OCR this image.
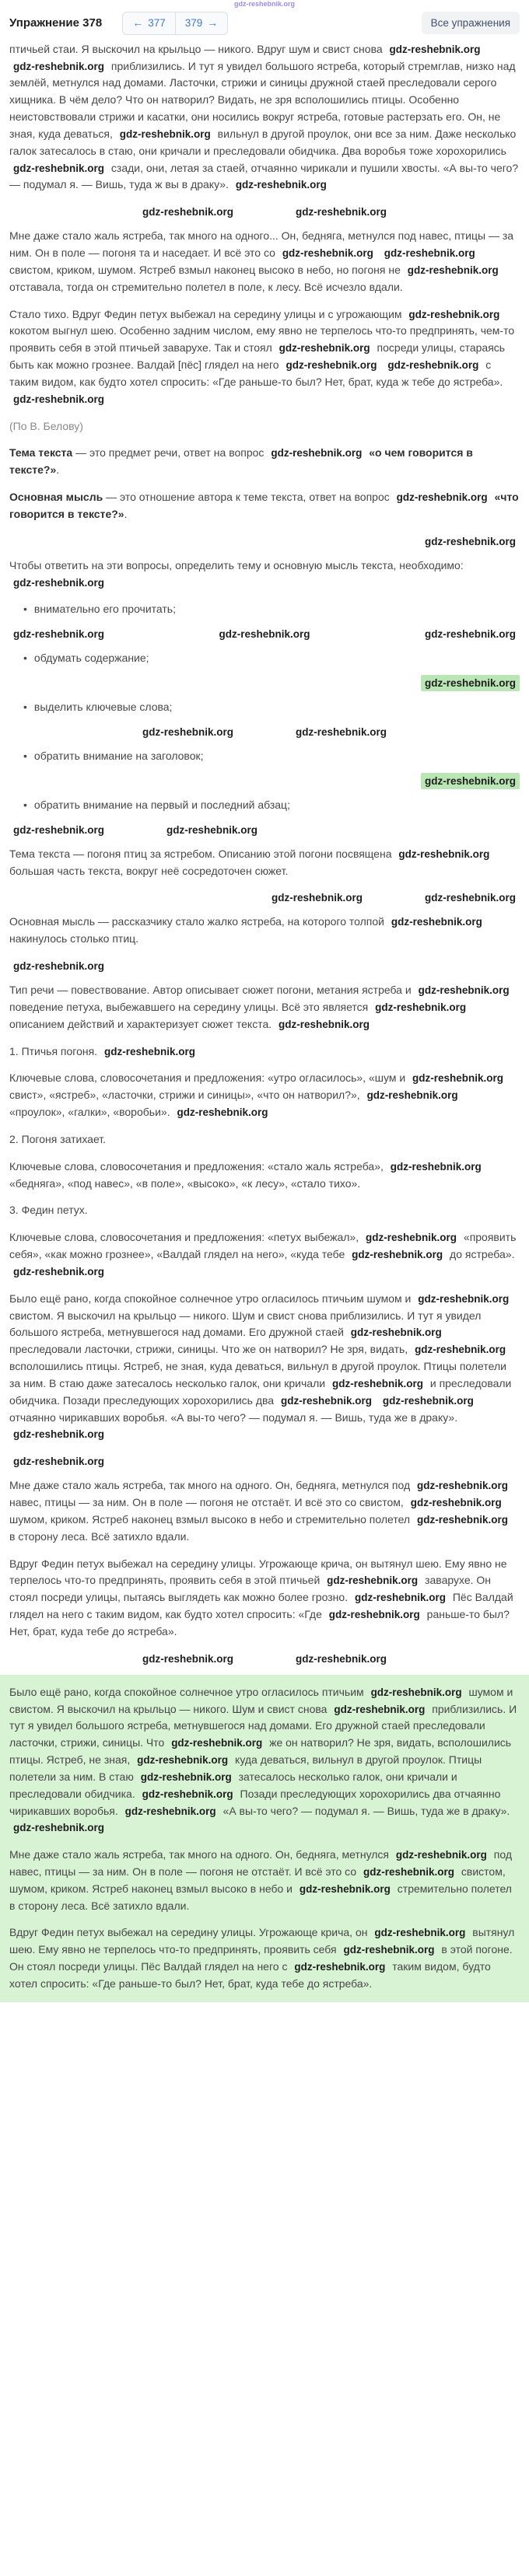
gdz-reshebnik.org
Упражнение 378	← 377 379 →	Все упражнения

птичьей стаи. Я выскочил на крыльцо — никого. Вдруг шум и свист снова gdz-reshebnik.org gdz-reshebnik.org приблизились. И тут я увидел большого ястреба, который стремглав, низко над землёй, метнулся над домами. Ласточки, стрижи и синицы дружной стаей преследовали серого хищника. В чём дело? Что он натворил? Видать, не зря всполошились птицы. Особенно неистовствовали стрижи и касатки, они носились вокруг ястреба, готовые растерзать его. Он, не зная, куда деваться, gdz-reshebnik.org вильнул в другой проулок, они все за ним. Даже несколько галок затесалось в стаю, они кричали и преследовали обидчика. Два воробья тоже хорохорились gdz-reshebnik.org сзади, они, летая за стаей, отчаянно чирикали и пушили хвосты. «А вы-то чего? — подумал я. — Вишь, туда ж вы в драку». gdz-reshebnik.org

gdz-reshebnik.org	gdz-reshebnik.org

Мне даже стало жаль ястреба, так много на одного... Он, бедняга, метнулся под навес, птицы — за ним. Он в поле — погоня та и наседает. И всё это со gdz-reshebnik.org gdz-reshebnik.org свистом, криком, шумом. Ястреб взмыл наконец высоко в небо, но погоня не gdz-reshebnik.org отставала, тогда он стремительно полетел в поле, к лесу. Всё исчезло вдали.

Стало тихо. Вдруг Федин петух выбежал на середину улицы и с угрожающим gdz-reshebnik.org кокотом выгнул шею. Особенно задним числом, ему явно не терпелось что-то предпринять, чем-то проявить себя в этой птичьей заварухе. Так и стоял gdz-reshebnik.org посреди улицы, стараясь быть как можно грознее. Валдай [пёс] глядел на него gdz-reshebnik.org gdz-reshebnik.org с таким видом, как будто хотел спросить: «Где раньше-то был? Нет, брат, куда ж тебе до ястреба». gdz-reshebnik.org

(По В. Белову)

Тема текста — это предмет речи, ответ на вопрос gdz-reshebnik.org «о чем говорится в тексте?».

Основная мысль — это отношение автора к теме текста, ответ на вопрос gdz-reshebnik.org «что говорится в тексте?».

gdz-reshebnik.org

Чтобы ответить на эти вопросы, определить тему и основную мысль текста, необходимо: gdz-reshebnik.org

• внимательно его прочитать;
gdz-reshebnik.org	gdz-reshebnik.org	gdz-reshebnik.org
• обдумать содержание;
gdz-reshebnik.org
• выделить ключевые слова;
gdz-reshebnik.org	gdz-reshebnik.org
• обратить внимание на заголовок;
gdz-reshebnik.org
• обратить внимание на первый и последний абзац;
gdz-reshebnik.org	gdz-reshebnik.org

Тема текста — погоня птиц за ястребом. Описанию этой погони посвящена gdz-reshebnik.org большая часть текста, вокруг неё сосредоточен сюжет.

gdz-reshebnik.org	gdz-reshebnik.org

Основная мысль — рассказчику стало жалко ястреба, на которого толпой gdz-reshebnik.org накинулось столько птиц.

gdz-reshebnik.org

Тип речи — повествование. Автор описывает сюжет погони, метания ястреба и gdz-reshebnik.org поведение петуха, выбежавшего на середину улицы. Всё это является gdz-reshebnik.org описанием действий и характеризует сюжет текста. gdz-reshebnik.org

1. Птичья погоня. gdz-reshebnik.org

Ключевые слова, словосочетания и предложения: «утро огласилось», «шум и gdz-reshebnik.org свист», «ястреб», «ласточки, стрижи и синицы», «что он натворил?», gdz-reshebnik.org «проулок», «галки», «воробьи». gdz-reshebnik.org

2. Погоня затихает.

Ключевые слова, словосочетания и предложения: «стало жаль ястреба», gdz-reshebnik.org «бедняга», «под навес», «в поле», «высоко», «к лесу», «стало тихо».

3. Федин петух.

Ключевые слова, словосочетания и предложения: «петух выбежал», gdz-reshebnik.org «проявить себя», «как можно грознее», «Валдай глядел на него», «куда тебе gdz-reshebnik.org до ястреба». gdz-reshebnik.org

Было ещё рано, когда спокойное солнечное утро огласилось птичьим шумом и gdz-reshebnik.org свистом. Я выскочил на крыльцо — никого. Шум и свист снова приблизились. И тут я увидел большого ястреба, метнувшегося над домами. Его дружной стаей gdz-reshebnik.org преследовали ласточки, стрижи, синицы. Что же он натворил? Не зря, видать, gdz-reshebnik.org всполошились птицы. Ястреб, не зная, куда деваться, вильнул в другой проулок. Птицы полетели за ним. В стаю даже затесалось несколько галок, они кричали gdz-reshebnik.org и преследовали обидчика. Позади преследующих хорохорились два gdz-reshebnik.org gdz-reshebnik.org отчаянно чирикавших воробья. «А вы-то чего? — подумал я. — Вишь, туда же в драку». gdz-reshebnik.org

gdz-reshebnik.org

Мне даже стало жаль ястреба, так много на одного. Он, бедняга, метнулся под gdz-reshebnik.org навес, птицы — за ним. Он в поле — погоня не отстаёт. И всё это со свистом, gdz-reshebnik.org шумом, криком. Ястреб наконец взмыл высоко в небо и стремительно полетел gdz-reshebnik.org в сторону леса. Всё затихло вдали.

Вдруг Федин петух выбежал на середину улицы. Угрожающе крича, он вытянул шею. Ему явно не терпелось что-то предпринять, проявить себя в этой птичьей gdz-reshebnik.org заварухе. Он стоял посреди улицы, пытаясь выглядеть как можно более грозно. gdz-reshebnik.org Пёс Валдай глядел на него с таким видом, как будто хотел спросить: «Где gdz-reshebnik.org раньше-то был? Нет, брат, куда тебе до ястреба».

gdz-reshebnik.org	gdz-reshebnik.org

Было ещё рано, когда спокойное солнечное утро огласилось птичьим gdz-reshebnik.org шумом и свистом. Я выскочил на крыльцо — никого. Шум и свист снова gdz-reshebnik.org приблизились. И тут я увидел большого ястреба, метнувшегося над домами. Его дружной стаей преследовали ласточки, стрижи, синицы. Что gdz-reshebnik.org же он натворил? Не зря, видать, всполошились птицы. Ястреб, не зная, gdz-reshebnik.org куда деваться, вильнул в другой проулок. Птицы полетели за ним. В стаю gdz-reshebnik.org затесалось несколько галок, они кричали и преследовали обидчика. gdz-reshebnik.org Позади преследующих хорохорились два отчаянно чирикавших воробья. gdz-reshebnik.org «А вы-то чего? — подумал я. — Вишь, туда же в драку». gdz-reshebnik.org

Мне даже стало жаль ястреба, так много на одного. Он, бедняга, метнулся gdz-reshebnik.org под навес, птицы — за ним. Он в поле — погоня не отстаёт. И всё это со gdz-reshebnik.org свистом, шумом, криком. Ястреб наконец взмыл высоко в небо и gdz-reshebnik.org стремительно полетел в сторону леса. Всё затихло вдали.

Вдруг Федин петух выбежал на середину улицы. Угрожающе крича, он gdz-reshebnik.org вытянул шею. Ему явно не терпелось что-то предпринять, проявить себя gdz-reshebnik.org в этой погоне. Он стоял посреди улицы. Пёс Валдай глядел на него с gdz-reshebnik.org таким видом, будто хотел спросить: «Где раньше-то был? Нет, брат, куда тебе до ястреба».
